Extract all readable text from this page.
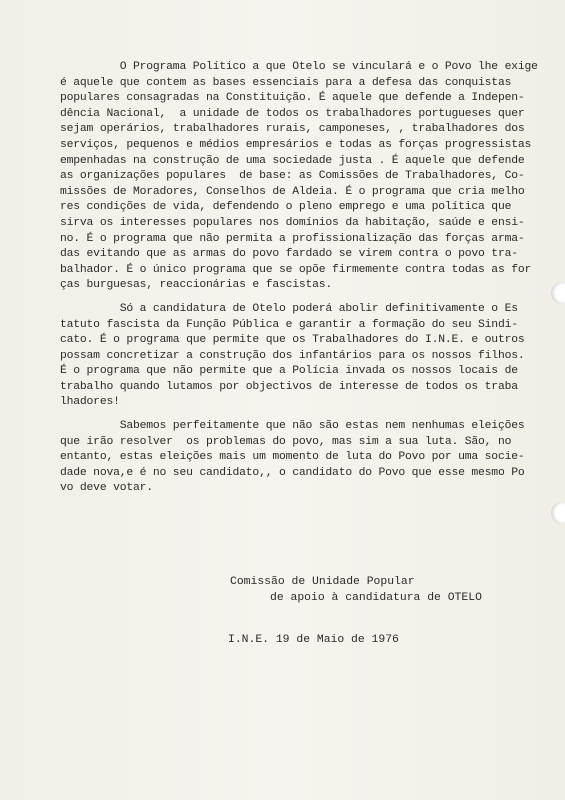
O Programa Político a que Otelo se vinculará e o Povo lhe exige
é aquele que contem as bases essenciais para a defesa das conquistas
populares consagradas na Constituição. É aquele que defende a Indepen-
dência Nacional,  a unidade de todos os trabalhadores portugueses quer
sejam operários, trabalhadores rurais, camponeses, , trabalhadores dos
serviços, pequenos e médios empresários e todas as forças progressistas
empenhadas na construção de uma sociedade justa . É aquele que defende
as organizações populares  de base: as Comissões de Trabalhadores, Co-
missões de Moradores, Conselhos de Aldeia. É o programa que cria melho
res condições de vida, defendendo o pleno emprego e uma política que
sirva os interesses populares nos domínios da habitação, saúde e ensi-
no. É o programa que não permita a profissionalização das forças arma-
das evitando que as armas do povo fardado se virem contra o povo tra-
balhador. É o único programa que se opõe firmemente contra todas as for
ças burguesas, reaccionárias e fascistas.
Só a candidatura de Otelo poderá abolir definitivamente o Es
tatuto fascista da Função Pública e garantir a formação do seu Sindi-
cato. É o programa que permite que os Trabalhadores do I.N.E. e outros
possam concretizar a construção dos infantários para os nossos filhos.
É o programa que não permite que a Polícia invada os nossos locais de
trabalho quando lutamos por objectivos de interesse de todos os traba
lhadores!
Sabemos perfeitamente que não são estas nem nenhumas eleições
que irão resolver  os problemas do povo, mas sim a sua luta. São, no
entanto, estas eleições mais um momento de luta do Povo por uma socie-
dade nova,e é no seu candidato,, o candidato do Povo que esse mesmo Po
vo deve votar.
Comissão de Unidade Popular
de apoio à candidatura de OTELO
I.N.E. 19 de Maio de 1976
